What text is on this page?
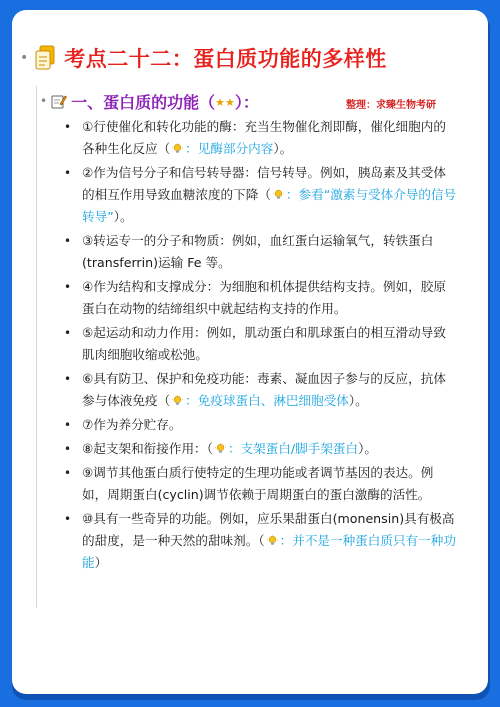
• 考点二十二：蛋白质功能的多样性
• 一、蛋白质的功能（★★）：	整理：求臻生物考研
• ①行使催化和转化功能的酶：充当生物催化剂即酶，催化细胞内的各种生化反应（ ：见酶部分内容）。
• ②作为信号分子和信号转导器：信号转导。例如，胰岛素及其受体的相互作用导致血糖浓度的下降（ ：参看“激素与受体介导的信号转导”）。
• ③转运专一的分子和物质：例如，血红蛋白运输氧气，转铁蛋白(transferrin)运输 Fe 等。
• ④作为结构和支撑成分：为细胞和机体提供结构支持。例如，胶原蛋白在动物的结缔组织中就起结构支持的作用。
• ⑤起运动和动力作用：例如，肌动蛋白和肌球蛋白的相互滑动导致肌肉细胞收缩或松弛。
• ⑥具有防卫、保护和免疫功能：毒素、凝血因子参与的反应，抗体参与体液免疫（ ：免疫球蛋白、淋巴细胞受体）。
• ⑦作为养分贮存。
• ⑧起支架和衔接作用：（ ：支架蛋白/脚手架蛋白）。
• ⑨调节其他蛋白质行使特定的生理功能或者调节基因的表达。例如，周期蛋白(cyclin)调节依赖于周期蛋白的蛋白激酶的活性。
• ⑩具有一些奇异的功能。例如，应乐果甜蛋白(monensin)具有极高的甜度，是一种天然的甜味剂。（ ：并不是一种蛋白质只有一种功能）
